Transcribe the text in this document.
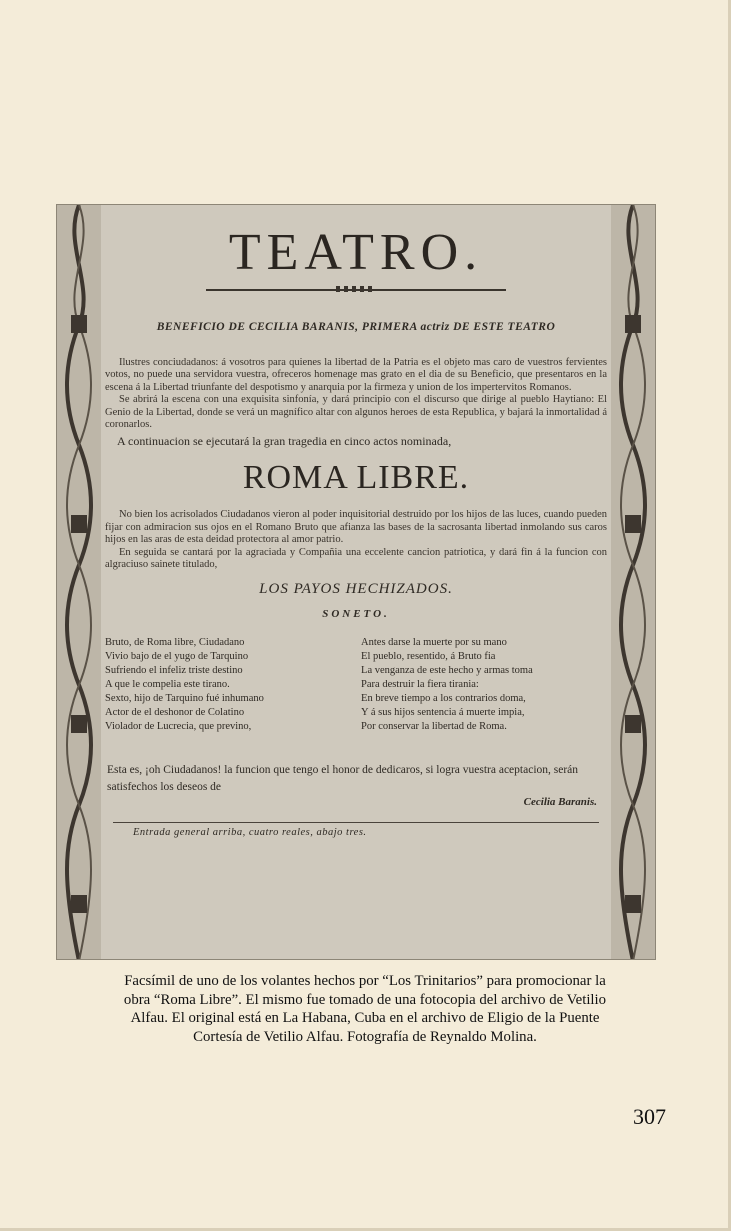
TEATRO.
BENEFICIO DE CECILIA BARANIS, PRIMERA actriz DE ESTE TEATRO

Ilustres conciudadanos: á vosotros para quienes la libertad de la Patria es el objeto mas caro de vuestros fervientes votos, no puede una servidora vuestra, ofreceros homenage mas grato en el dia de su Beneficio, que presentaros en la escena á la Libertad triunfante del despotismo y anarquia por la firmeza y union de los impertervitos Romanos.

Se abrirá la escena con una exquisita sinfonía, y dará principio con el discurso que dirige al pueblo Haytiano: El Genio de la Libertad, donde se verá un magnífico altar con algunos heroes de esta Republica, y bajará la inmortalidad á coronarlos.

A continuacion se ejecutará la gran tragedia en cinco actos nominada,
ROMA LIBRE.

No bien los acrisolados Ciudadanos vieron al poder inquisitorial destruido por los hijos de las luces, cuando pueden fijar con admiracion sus ojos en el Romano Bruto que afianza las bases de la sacrosanta libertad inmolando sus caros hijos en las aras de esta deidad protectora al amor patrio.

En seguida se cantará por la agraciada y Compañia una eccelente cancion patriotica, y dará fin á la funcion con algraciuso sainete titulado,

LOS PAYOS HECHIZADOS.
SONETO.
Bruto, de Roma libre, Ciudadano
Vivio bajo de el yugo de Tarquino
Sufriendo el infeliz triste destino
A que le compelia este tirano.
Sexto, hijo de Tarquino fué inhumano
Actor de el deshonor de Colatino
Violador de Lucrecia, que previno,
Antes darse la muerte por su mano
El pueblo, resentido, á Bruto fia
La venganza de este hecho y armas toma
Para destruir la fiera tirania:
En breve tiempo a los contrarios doma,
Y á sus hijos sentencia á muerte impia,
Por conservar la libertad de Roma.
Esta es, ¡oh Ciudadanos! la funcion que tengo el honor de dedicaros, si logra vuestra aceptacion, serán satisfechos los deseos de
Cecilia Baranis.
Entrada general arriba, cuatro reales, abajo tres.
Facsímil de uno de los volantes hechos por “Los Trinitarios” para promocionar la
obra “Roma Libre”. El mismo fue tomado de una fotocopia del archivo de Vetilio
Alfau. El original está en La Habana, Cuba en el archivo de Eligio de la Puente
Cortesía de Vetilio Alfau. Fotografía de Reynaldo Molina.
307
